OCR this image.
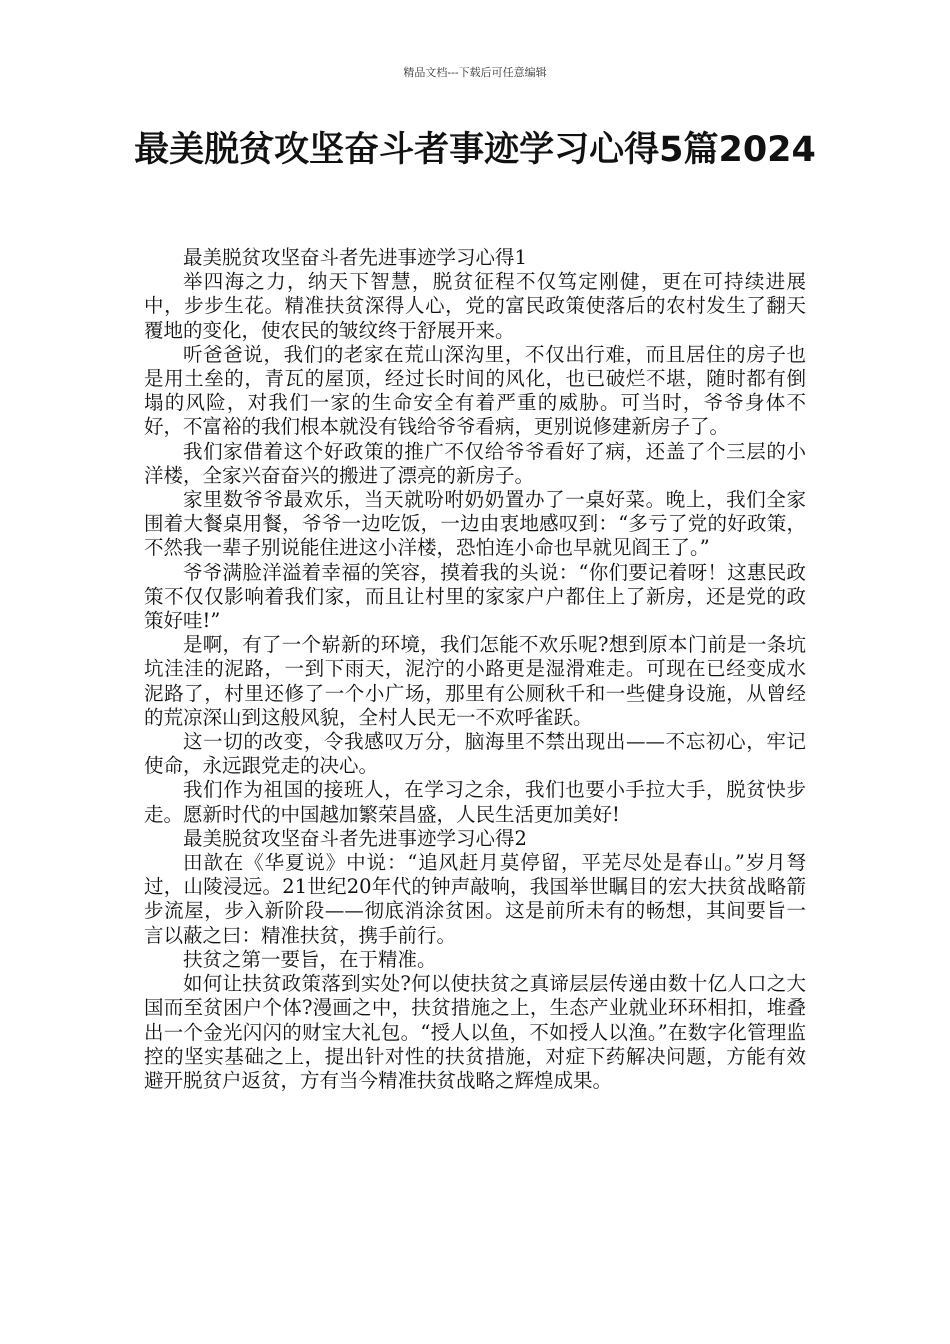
精品文档---下载后可任意编辑
最美脱贫攻坚奋斗者事迹学习心得5篇2024

最美脱贫攻坚奋斗者先进事迹学习心得1

举四海之力，纳天下智慧，脱贫征程不仅笃定刚健，更在可持续进展中，步步生花。精准扶贫深得人心，党的富民政策使落后的农村发生了翻天覆地的变化，使农民的皱纹终于舒展开来。

听爸爸说，我们的老家在荒山深沟里，不仅出行难，而且居住的房子也是用土垒的，青瓦的屋顶，经过长时间的风化，也已破烂不堪，随时都有倒塌的风险，对我们一家的生命安全有着严重的威胁。可当时，爷爷身体不好，不富裕的我们根本就没有钱给爷爷看病，更别说修建新房子了。

我们家借着这个好政策的推广不仅给爷爷看好了病，还盖了个三层的小洋楼，全家兴奋奋兴的搬进了漂亮的新房子。

家里数爷爷最欢乐，当天就吩咐奶奶置办了一桌好菜。晚上，我们全家围着大餐桌用餐，爷爷一边吃饭，一边由衷地感叹到：“多亏了党的好政策，不然我一辈子别说能住进这小洋楼，恐怕连小命也早就见阎王了。”

爷爷满脸洋溢着幸福的笑容，摸着我的头说：“你们要记着呀！这惠民政策不仅仅影响着我们家，而且让村里的家家户户都住上了新房，还是党的政策好哇!”

是啊，有了一个崭新的环境，我们怎能不欢乐呢?想到原本门前是一条坑坑洼洼的泥路，一到下雨天，泥泞的小路更是湿滑难走。可现在已经变成水泥路了，村里还修了一个小广场，那里有公厕秋千和一些健身设施，从曾经的荒凉深山到这般风貌，全村人民无一不欢呼雀跃。

这一切的改变，令我感叹万分，脑海里不禁出现出——不忘初心，牢记使命，永远跟党走的决心。

我们作为祖国的接班人，在学习之余，我们也要小手拉大手，脱贫快步走。愿新时代的中国越加繁荣昌盛，人民生活更加美好!

最美脱贫攻坚奋斗者先进事迹学习心得2

田歆在《华夏说》中说：“追风赶月莫停留，平芜尽处是春山。”岁月弩过，山陵浸远。21世纪20年代的钟声敲响，我国举世瞩目的宏大扶贫战略箭步流屋，步入新阶段——彻底消涂贫困。这是前所未有的畅想，其间要旨一言以蔽之曰：精准扶贫，携手前行。

扶贫之第一要旨，在于精准。

如何让扶贫政策落到实处?何以使扶贫之真谛层层传递由数十亿人口之大国而至贫困户个体?漫画之中，扶贫措施之上，生态产业就业环环相扣，堆叠出一个金光闪闪的财宝大礼包。“授人以鱼，不如授人以渔。”在数字化管理监控的坚实基础之上，提出针对性的扶贫措施，对症下药解决问题，方能有效避开脱贫户返贫，方有当今精准扶贫战略之辉煌成果。
